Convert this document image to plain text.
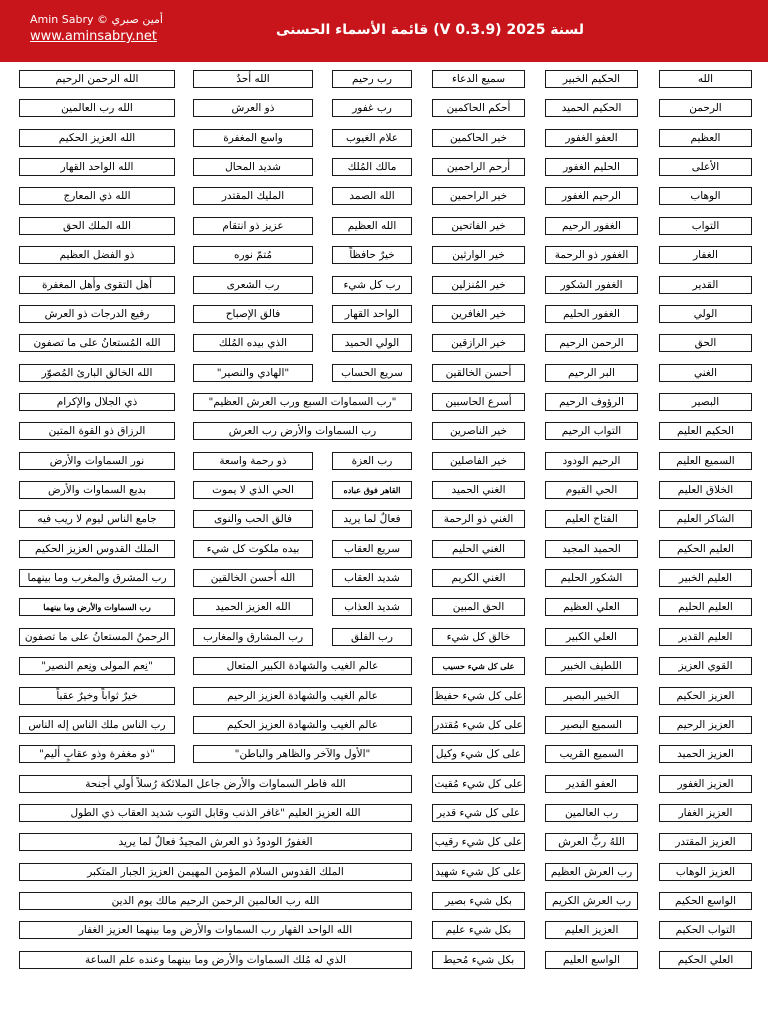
Amin Sabry © أمين صبري
www.aminsabry.net	قائمة الأسماء الحسنى (V 0.3.9) لسنة 2025
الله
الرحمن
العظيم
الأعلى
الوهاب
التواب
الغفار
القدير
الولي
الحق
الغني
البصير
الحكيم العليم
السميع العليم
الخلاق العليم
الشاكر العليم
العليم الحكيم
العليم الخبير
العليم الحليم
العليم القدير
القوي العزيز
العزيز الحكيم
العزيز الرحيم
العزيز الحميد
العزيز الغفور
العزيز الغفار
العزيز المقتدر
العزيز الوهاب
الواسع الحكيم
التواب الحكيم
العلي الحكيم
الحكيم الخبير
الحكيم الحميد
العفو الغفور
الحليم الغفور
الرحيم الغفور
الغفور الرحيم
الغفور ذو الرحمة
الغفور الشكور
الغفور الحليم
الرحمن الرحيم
البر الرحيم
الرؤوف الرحيم
التواب الرحيم
الرحيم الودود
الحي القيوم
الفتاح العليم
الحميد المجيد
الشكور الحليم
العلي العظيم
العلي الكبير
اللطيف الخبير
الخبير البصير
السميع البصير
السميع القريب
العفو القدير
رب العالمين
اللهُ ربُّ العرش
رب العرش العظيم
رب العرش الكريم
العزيز العليم
الواسع العليم
سميع الدعاء
أحكم الحاكمين
خير الحاكمين
أرحم الراحمين
خير الراحمين
خير الفاتحين
خير الوارثين
خير المُنزلين
خير الغافرين
خير الرازقين
أحسن الخالقين
أسرع الحاسبين
خير الناصرين
خير الفاصلين
الغني الحميد
الغني ذو الرحمة
الغني الحليم
الغني الكريم
الحق المبين
خالق كل شيء
على كل شيء حسيب
على كل شيء حفيظ
على كل شيء مُقتدر
على كل شيء وكيل
على كل شيء مُقيت
على كل شيء قدير
على كل شيء رقيب
على كل شيء شهيد
بكل شيء بصير
بكل شيء عليم
بكل شيء مُحيط
رب رحيم
رب غفور
علام الغيوب
مالك المُلك
الله الصمد
الله العظيم
خيرٌ حافظاً
رب كل شيء
الواحد القهار
الولي الحميد
سريع الحساب
"رب السماوات السبع ورب العرش العظيم"
رب السماوات والأرض رب العرش
رب العزة
القاهر فوق عباده
فعالٌ لما يريد
سريع العقاب
شديد العقاب
شديد العذاب
رب الفلق
عالم الغيب والشهادة الكبير المتعال
عالم الغيب والشهادة العزيز الرحيم
عالم الغيب والشهادة العزيز الحكيم
"الأول والآخر والظاهر والباطن"
الله فاطر السماوات والأرض جاعل الملائكة رُسلاً أولي أجنحة
الله العزيز العليم "غافر الذنب وقابل التوب شديد العقاب ذي الطول
الغفورُ الودودُ ذو العرش المجيدُ فعالٌ لما يريد
الملك القدوس السلام المؤمن المهيمن العزيز الجبار المتكبر
الله رب العالمين الرحمن الرحيم مالك يوم الدين
الله الواحد القهار رب السماوات والأرض وما بينهما العزيز الغفار
الذي له مُلك السماوات والأرض وما بينهما وعنده علم الساعة
الله أحدٌ
ذو العرش
واسع المغفرة
شديد المحال
المليك المقتدر
عزيز ذو انتقام
مُتمّ نوره
رب الشعرى
فالق الإصباح
الذي بيده المُلك
"الهادي والنصير"
ذو رحمة واسعة
الحي الذي لا يموت
فالق الحب والنوى
بيده ملكوت كل شيء
الله أحسن الخالقين
الله العزيز الحميد
رب المشارق والمغارب
الله الرحمن الرحيم
الله رب العالمين
الله العزيز الحكيم
الله الواحد القهار
الله ذي المعارج
الله الملك الحق
ذو الفضل العظيم
أهل التقوى وأهل المغفرة
رفيع الدرجات ذو العرش
الله المُستعانُ على ما تصفون
الله الخالق البارئ المُصوّر
ذي الجلال والإكرام
الرزاق ذو القوة المتين
نور السماوات والأرض
بديع السماوات والأرض
جامع الناس ليوم لا ريب فيه
الملك القدوس العزيز الحكيم
رب المشرق والمغرب وما بينهما
رب السماوات والأرض وما بينهما
الرحمنُ المستعانُ على ما تصفون
"نِعم المولى ونِعم النصير"
خيرٌ ثواباً وخيرٌ عقباً
رب الناس ملك الناس إله الناس
"ذو مغفرة وذو عقابٍ أليم"
